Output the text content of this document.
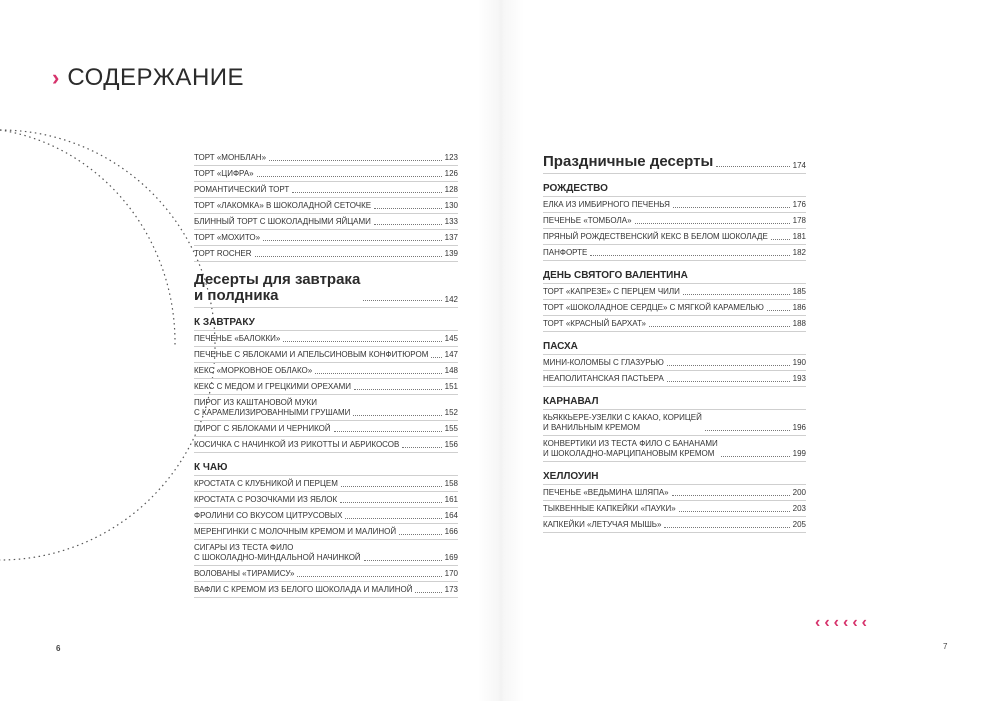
› СОДЕРЖАНИЕ
ТОРТ «МОНБЛАН»	123
ТОРТ «ЦИФРА»	126
РОМАНТИЧЕСКИЙ ТОРТ	128
ТОРТ «ЛАКОМКА» В ШОКОЛАДНОЙ СЕТОЧКЕ	130
БЛИННЫЙ ТОРТ С ШОКОЛАДНЫМИ ЯЙЦАМИ	133
ТОРТ «МОХИТО»	137
ТОРТ ROCHER	139
Десерты для завтрака
и полдника	142
К ЗАВТРАКУ
ПЕЧЕНЬЕ «БАЛОККИ»	145
ПЕЧЕНЬЕ С ЯБЛОКАМИ И АПЕЛЬСИНОВЫМ КОНФИТЮРОМ 147
КЕКС «МОРКОВНОЕ ОБЛАКО»	148
КЕКС С МЕДОМ И ГРЕЦКИМИ ОРЕХАМИ	151
ПИРОГ ИЗ КАШТАНОВОЙ МУКИ
С КАРАМЕЛИЗИРОВАННЫМИ ГРУШАМИ	152
ПИРОГ С ЯБЛОКАМИ И ЧЕРНИКОЙ	155
КОСИЧКА С НАЧИНКОЙ ИЗ РИКОТТЫ И АБРИКОСОВ	156
К ЧАЮ
КРОСТАТА С КЛУБНИКОЙ И ПЕРЦЕМ	158
КРОСТАТА С РОЗОЧКАМИ ИЗ ЯБЛОК	161
ФРОЛИНИ СО ВКУСОМ ЦИТРУСОВЫХ	164
МЕРЕНГИНКИ С МОЛОЧНЫМ КРЕМОМ И МАЛИНОЙ	166
СИГАРЫ ИЗ ТЕСТА ФИЛО
С ШОКОЛАДНО-МИНДАЛЬНОЙ НАЧИНКОЙ	169
ВОЛОВАНЫ «ТИРАМИСУ»	170
ВАФЛИ С КРЕМОМ ИЗ БЕЛОГО ШОКОЛАДА И МАЛИНОЙ	173
Праздничные десерты	174
РОЖДЕСТВО
ЕЛКА ИЗ ИМБИРНОГО ПЕЧЕНЬЯ	176
ПЕЧЕНЬЕ «ТОМБОЛА»	178
ПРЯНЫЙ РОЖДЕСТВЕНСКИЙ КЕКС В БЕЛОМ ШОКОЛАДЕ	181
ПАНФОРТЕ	182
ДЕНЬ СВЯТОГО ВАЛЕНТИНА
ТОРТ «КАПРЕЗЕ» С ПЕРЦЕМ ЧИЛИ	185
ТОРТ «ШОКОЛАДНОЕ СЕРДЦЕ» С МЯГКОЙ КАРАМЕЛЬЮ	186
ТОРТ «КРАСНЫЙ БАРХАТ»	188
ПАСХА
МИНИ-КОЛОМБЫ С ГЛАЗУРЬЮ	190
НЕАПОЛИТАНСКАЯ ПАСТЬЕРА	193
КАРНАВАЛ
КЬЯККЬЕРЕ-УЗЕЛКИ С КАКАО, КОРИЦЕЙ
И ВАНИЛЬНЫМ КРЕМОМ	196
КОНВЕРТИКИ ИЗ ТЕСТА ФИЛО С БАНАНАМИ
И ШОКОЛАДНО-МАРЦИПАНОВЫМ КРЕМОМ	199
ХЕЛЛОУИН
ПЕЧЕНЬЕ «ВЕДЬМИНА ШЛЯПА»	200
ТЫКВЕННЫЕ КАПКЕЙКИ «ПАУКИ»	203
КАПКЕЙКИ «ЛЕТУЧАЯ МЫШЬ»	205
6	7
‹ ‹ ‹ ‹ ‹ ‹
